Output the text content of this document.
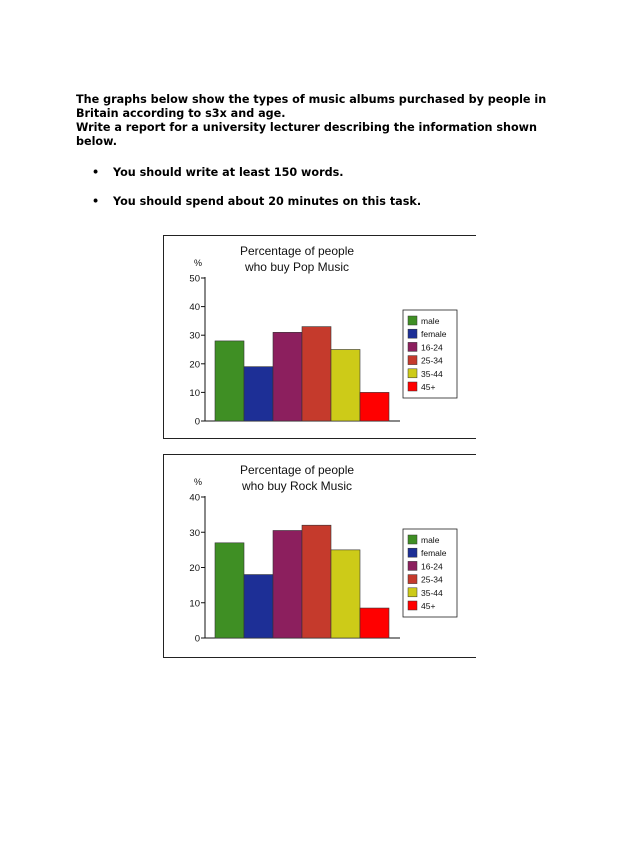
The graphs below show the types of music albums purchased by people in Britain according to s3x and age.

Write a report for a university lecturer describing the information shown below.

• You should write at least 150 words.
• You should spend about 20 minutes on this task.
Percentage of people
who buy Pop Music
%
0
10
20
30
40
50
male
female
16-24
25-34
35-44
45+
Percentage of people
who buy Rock Music
%
0
10
20
30
40
male
female
16-24
25-34
35-44
45+
